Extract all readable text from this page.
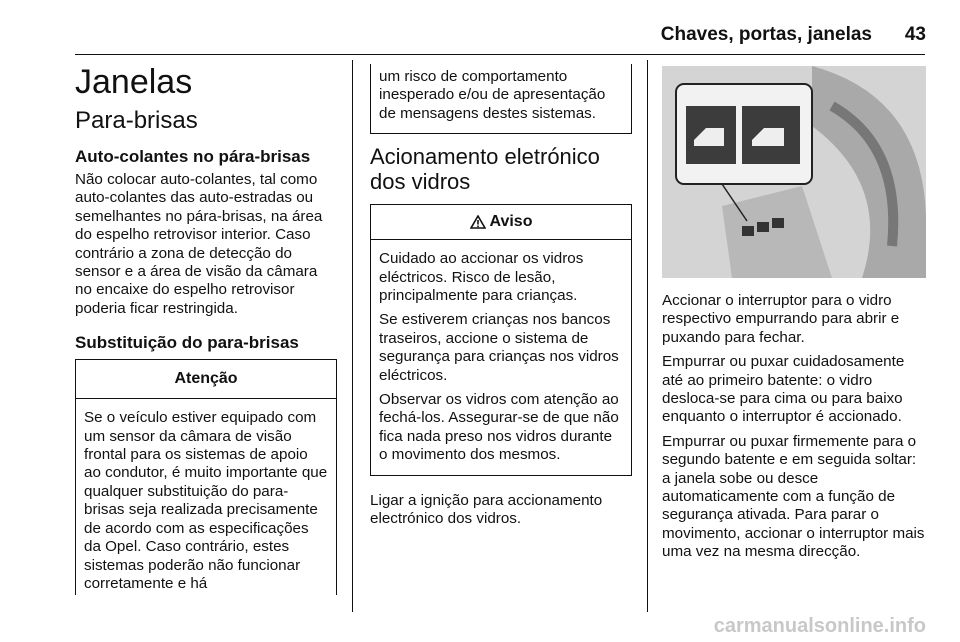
Chaves, portas, janelas 43
Janelas
Para-brisas
Auto-colantes no pára-brisas

Não colocar auto-colantes, tal como auto-colantes das auto-estradas ou semelhantes no pára-brisas, na área do espelho retrovisor interior. Caso contrário a zona de detecção do sensor e a área de visão da câmara no encaixe do espelho retrovisor poderia ficar restringida.

Substituição do para-brisas
Atenção

Se o veículo estiver equipado com um sensor da câmara de visão frontal para os sistemas de apoio ao condutor, é muito importante que qualquer substituição do para-brisas seja realizada precisamente de acordo com as especificações da Opel. Caso contrário, estes sistemas poderão não funcionar corretamente e há

um risco de comportamento inesperado e/ou de apresentação de mensagens destes sistemas.

Acionamento eletrónico dos vidros
Aviso

Cuidado ao accionar os vidros eléctricos. Risco de lesão, principalmente para crianças.

Se estiverem crianças nos bancos traseiros, accione o sistema de segurança para crianças nos vidros eléctricos.

Observar os vidros com atenção ao fechá-los. Assegurar-se de que não fica nada preso nos vidros durante o movimento dos mesmos.

Ligar a ignição para accionamento electrónico dos vidros.

Accionar o interruptor para o vidro respectivo empurrando para abrir e puxando para fechar.

Empurrar ou puxar cuidadosamente até ao primeiro batente: o vidro desloca-se para cima ou para baixo enquanto o interruptor é accionado.

Empurrar ou puxar firmemente para o segundo batente e em seguida soltar: a janela sobe ou desce automaticamente com a função de segurança ativada. Para parar o movimento, accionar o interruptor mais uma vez na mesma direcção.

carmanualsonline.info
